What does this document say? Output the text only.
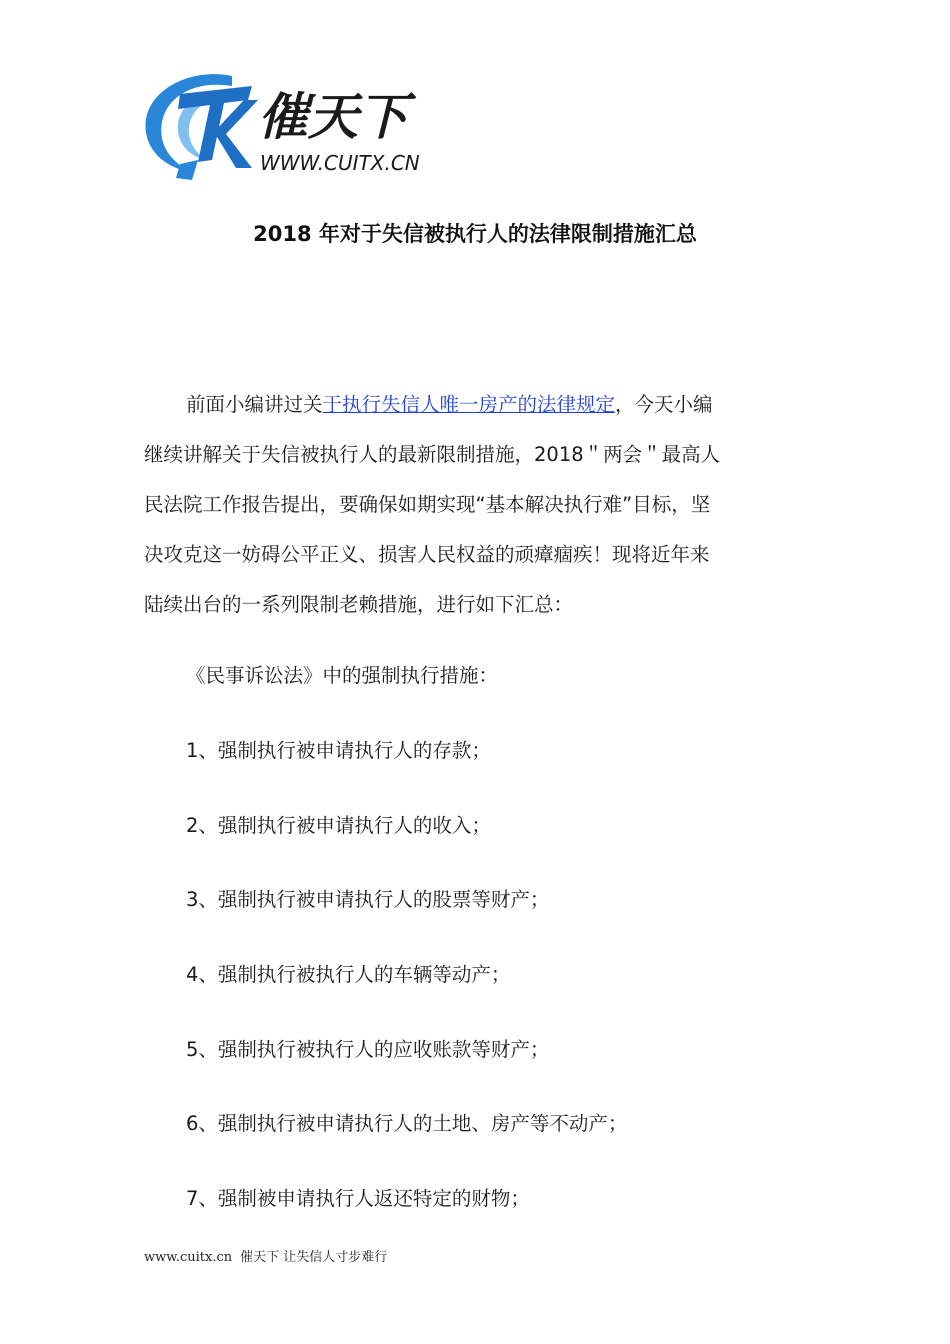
催天下
WWW.CUITX.CN
2018 年对于失信被执行人的法律限制措施汇总
前面小编讲过关于执行失信人唯一房产的法律规定，今天小编
继续讲解关于失信被执行人的最新限制措施，2018＂两会＂最高人
民法院工作报告提出，要确保如期实现“基本解决执行难”目标，坚
决攻克这一妨碍公平正义、损害人民权益的顽瘴痼疾！现将近年来
陆续出台的一系列限制老赖措施，进行如下汇总：
《民事诉讼法》中的强制执行措施：
1、强制执行被申请执行人的存款；
2、强制执行被申请执行人的收入；
3、强制执行被申请执行人的股票等财产；
4、强制执行被执行人的车辆等动产；
5、强制执行被执行人的应收账款等财产；
6、强制执行被申请执行人的土地、房产等不动产；
7、强制被申请执行人返还特定的财物；
www.cuitx.cn 催天下 让失信人寸步难行
